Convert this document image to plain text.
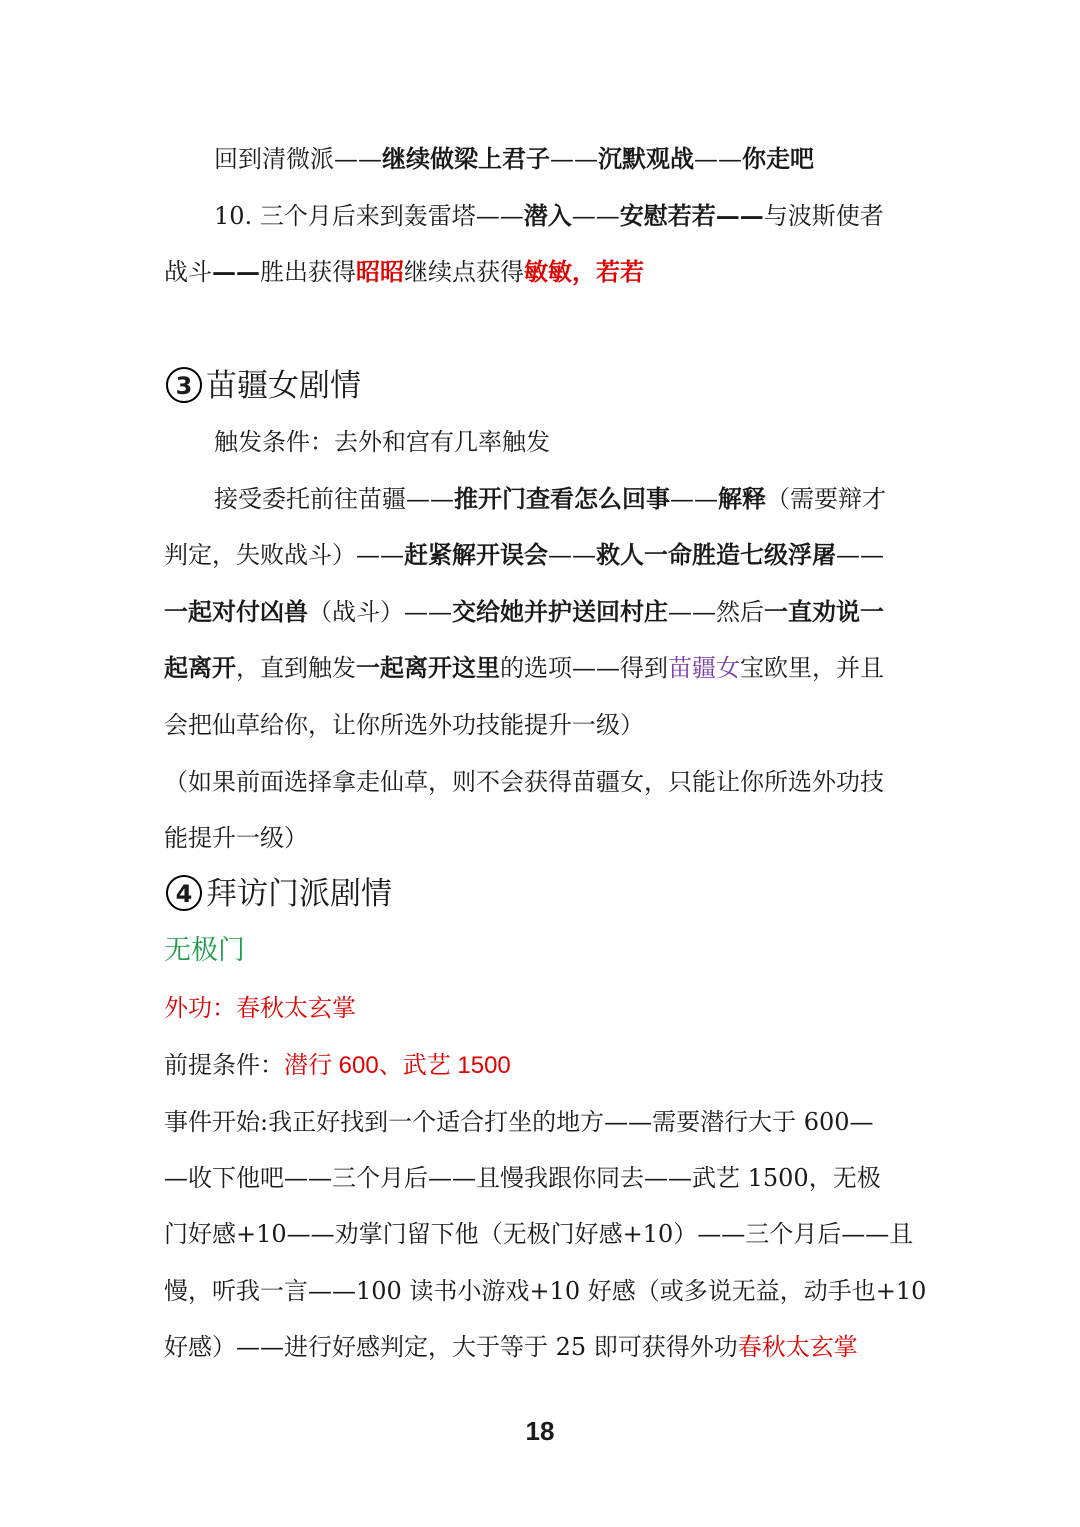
回到清微派——继续做梁上君子——沉默观战——你走吧

10. 三个月后来到轰雷塔——潜入——安慰若若——与波斯使者

战斗——胜出获得昭昭继续点获得敏敏，若若

3 苗疆女剧情

触发条件：去外和宫有几率触发

接受委托前往苗疆——推开门查看怎么回事——解释（需要辩才

判定，失败战斗）——赶紧解开误会——救人一命胜造七级浮屠——

一起对付凶兽（战斗）——交给她并护送回村庄——然后一直劝说一

起离开，直到触发一起离开这里的选项——得到苗疆女宝欧里，并且

会把仙草给你，让你所选外功技能提升一级）

（如果前面选择拿走仙草，则不会获得苗疆女，只能让你所选外功技

能提升一级）

4 拜访门派剧情

无极门

外功：春秋太玄掌

前提条件：潜行 600、武艺 1500

事件开始:我正好找到一个适合打坐的地方——需要潜行大于 600—

—收下他吧——三个月后——且慢我跟你同去——武艺 1500，无极

门好感+10——劝掌门留下他（无极门好感+10）——三个月后——且

慢，听我一言——100 读书小游戏+10 好感（或多说无益，动手也+10

好感）——进行好感判定，大于等于 25 即可获得外功春秋太玄掌

18
